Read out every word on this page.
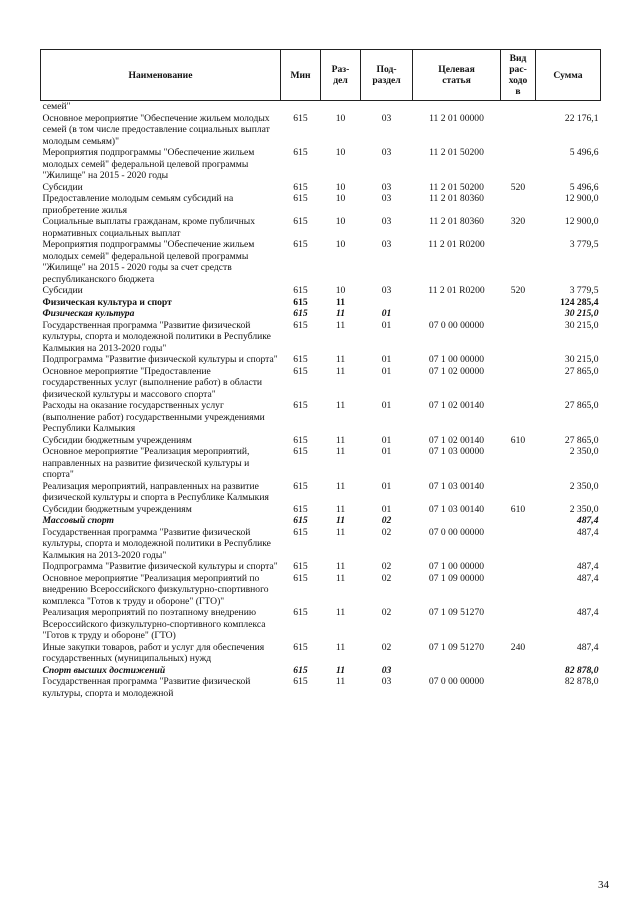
Наименование	Мин	Раз-
дел	Под-
раздел	Целевая
статья	Вид
рас-
ходо
в	Сумма
семей"						
Основное мероприятие "Обеспечение жильем молодых семей (в том числе предоставление социальных выплат молодым семьям)"	615	10	03	11 2 01 00000		22 176,1
Мероприятия подпрограммы "Обеспечение жильем молодых семей" федеральной целевой программы "Жилище" на 2015 - 2020 годы	615	10	03	11 2 01 50200		5 496,6
Субсидии	615	10	03	11 2 01 50200	520	5 496,6
Предоставление молодым семьям субсидий на приобретение жилья	615	10	03	11 2 01 80360		12 900,0
Социальные выплаты гражданам, кроме публичных нормативных социальных выплат	615	10	03	11 2 01 80360	320	12 900,0
Мероприятия подпрограммы "Обеспечение жильем молодых семей" федеральной целевой программы "Жилище" на 2015 - 2020 годы за счет средств республиканского бюджета	615	10	03	11 2 01 R0200		3 779,5
Субсидии	615	10	03	11 2 01 R0200	520	3 779,5
Физическая культура и спорт	615	11				124 285,4
Физическая культура	615	11	01			30 215,0
Государственная программа "Развитие физической культуры, спорта и молодежной политики в Республике Калмыкия на 2013-2020 годы"	615	11	01	07 0 00 00000		30 215,0
Подпрограмма "Развитие физической культуры и спорта"	615	11	01	07 1 00 00000		30 215,0
Основное мероприятие "Предоставление государственных услуг (выполнение работ) в области физической культуры и массового спорта"	615	11	01	07 1 02 00000		27 865,0
Расходы на оказание государственных услуг (выполнение работ) государственными учреждениями Республики Калмыкия	615	11	01	07 1 02 00140		27 865,0
Субсидии бюджетным учреждениям	615	11	01	07 1 02 00140	610	27 865,0
Основное мероприятие "Реализация мероприятий, направленных на развитие физической культуры и спорта"	615	11	01	07 1 03 00000		2 350,0
Реализация мероприятий, направленных на развитие физической культуры и спорта в Республике Калмыкия	615	11	01	07 1 03 00140		2 350,0
Субсидии бюджетным учреждениям	615	11	01	07 1 03 00140	610	2 350,0
Массовый спорт	615	11	02			487,4
Государственная программа "Развитие физической культуры, спорта и молодежной политики в Республике Калмыкия на 2013-2020 годы"	615	11	02	07 0 00 00000		487,4
Подпрограмма "Развитие физической культуры и спорта"	615	11	02	07 1 00 00000		487,4
Основное мероприятие "Реализация мероприятий по внедрению Всероссийского физкультурно-спортивного комплекса "Готов к труду и обороне" (ГТО)"	615	11	02	07 1 09 00000		487,4
Реализация мероприятий по поэтапному внедрению Всероссийского физкультурно-спортивного комплекса "Готов к труду и обороне" (ГТО)	615	11	02	07 1 09 51270		487,4
Иные закупки товаров, работ и услуг для обеспечения государственных (муниципальных) нужд	615	11	02	07 1 09 51270	240	487,4
Спорт высших достижений	615	11	03			82 878,0
Государственная программа "Развитие физической культуры, спорта и молодежной	615	11	03	07 0 00 00000		82 878,0
34
